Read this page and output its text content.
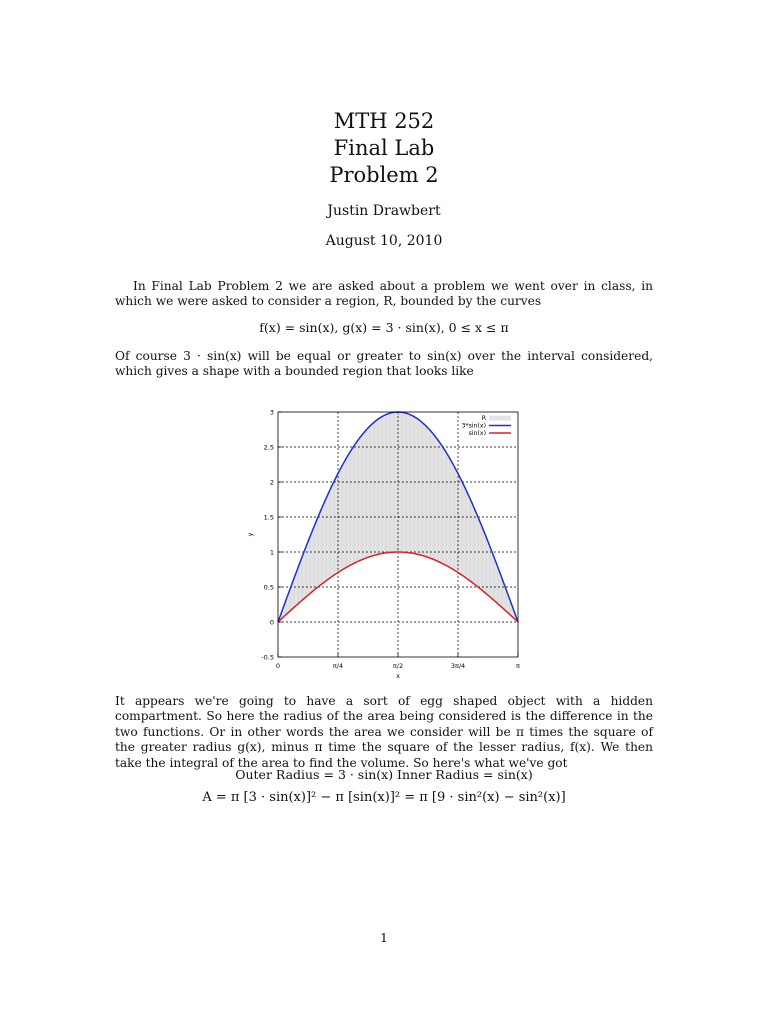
MTH 252
Final Lab
Problem 2
Justin Drawbert
August 10, 2010
In Final Lab Problem 2 we are asked about a problem we went over in class, in which we were asked to consider a region, R, bounded by the curves
f(x) = sin(x), g(x) = 3 · sin(x), 0 ≤ x ≤ π
Of course 3 · sin(x) will be equal or greater to sin(x) over the interval considered, which gives a shape with a bounded region that looks like
0	π/4	π/2	3π/4	π
-0.5
0
0.5
1
1.5
2
2.5
3
x
y
R
3*sin(x)
sin(x)
It appears we're going to have a sort of egg shaped object with a hidden compartment. So here the radius of the area being considered is the difference in the two functions. Or in other words the area we consider will be π times the square of the greater radius g(x), minus π time the square of the lesser radius, f(x). We then take the integral of the area to find the volume. So here's what we've got
Outer Radius = 3 · sin(x) Inner Radius = sin(x)
A = π [3 · sin(x)]² − π [sin(x)]² = π [9 · sin²(x) − sin²(x)]
1
